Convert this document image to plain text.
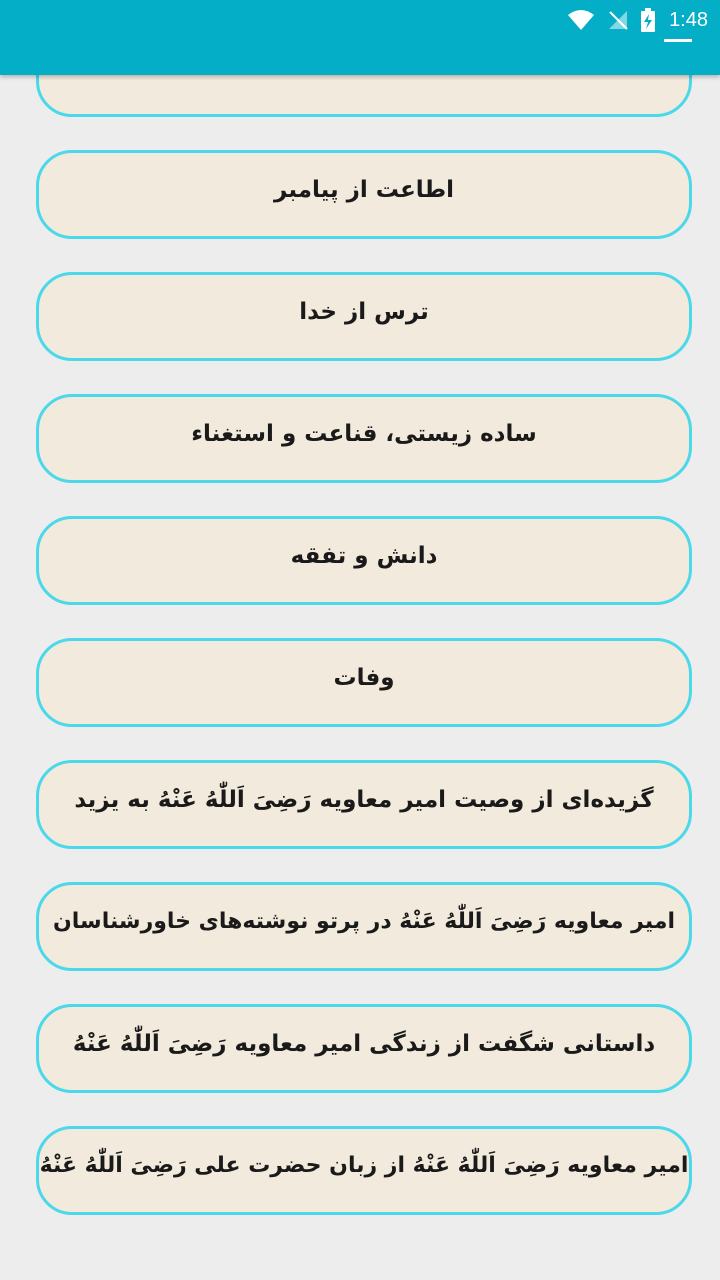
اطاعت از پیامبر
ترس از خدا
ساده زیستی، قناعت و استغناء
دانش و تفقه
وفات
گزیده‌ای از وصیت امیر معاویه رَضِیَ اَللّٰهُ عَنْهُ به یزید
امیر معاویه رَضِیَ اَللّٰهُ عَنْهُ در پرتو نوشته‌های خاورشناسان
داستانی شگفت از زندگی امیر معاویه رَضِیَ اَللّٰهُ عَنْهُ
امیر معاویه رَضِیَ اَللّٰهُ عَنْهُ از زبان حضرت علی رَضِیَ اَللّٰهُ عَنْهُ
1:48
